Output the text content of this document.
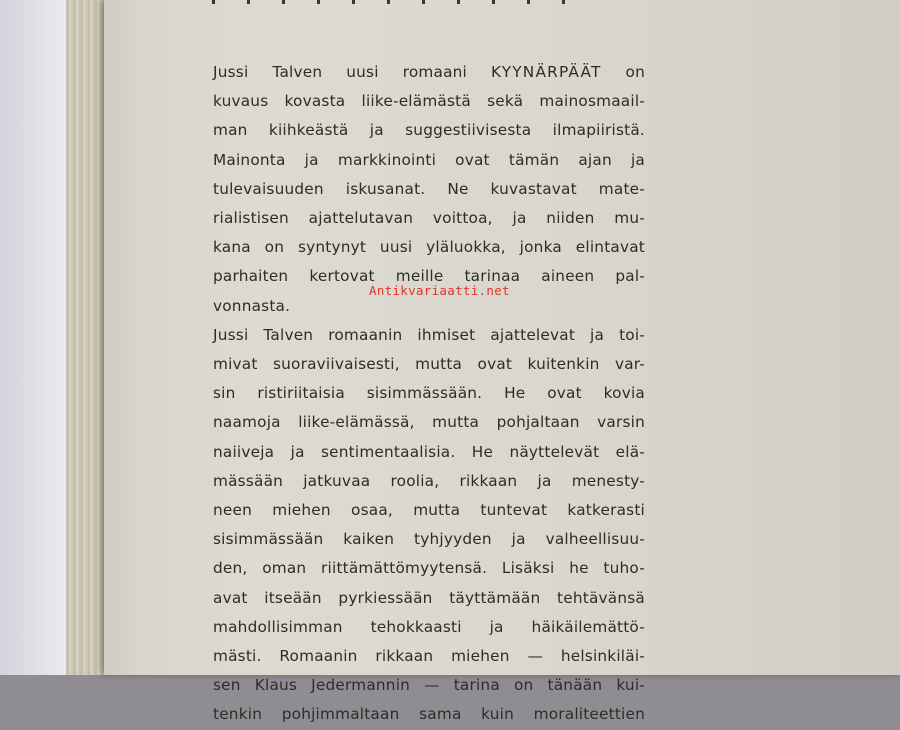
Jussi Talven uusi romaani KYYNÄRPÄÄT on
kuvaus kovasta liike-elämästä sekä mainosmaail-
man kiihkeästä ja suggestiivisesta ilmapiiristä.
Mainonta ja markkinointi ovat tämän ajan ja
tulevaisuuden iskusanat. Ne kuvastavat mate-
rialistisen ajattelutavan voittoa, ja niiden mu-
kana on syntynyt uusi yläluokka, jonka elintavat
parhaiten kertovat meille tarinaa aineen pal-
vonnasta.
Jussi Talven romaanin ihmiset ajattelevat ja toi-
mivat suoraviivaisesti, mutta ovat kuitenkin var-
sin ristiriitaisia sisimmässään. He ovat kovia
naamoja liike-elämässä, mutta pohjaltaan varsin
naiiveja ja sentimentaalisia. He näyttelevät elä-
mässään jatkuvaa roolia, rikkaan ja menesty-
neen miehen osaa, mutta tuntevat katkerasti
sisimmässään kaiken tyhjyyden ja valheellisuu-
den, oman riittämättömyytensä. Lisäksi he tuho-
avat itseään pyrkiessään täyttämään tehtävänsä
mahdollisimman tehokkaasti ja häikäilemättö-
mästi. Romaanin rikkaan miehen — helsinkiläi-
sen Klaus Jedermannin — tarina on tänään kui-
tenkin pohjimmaltaan sama kuin moraliteettien
Antikvariaatti.net
